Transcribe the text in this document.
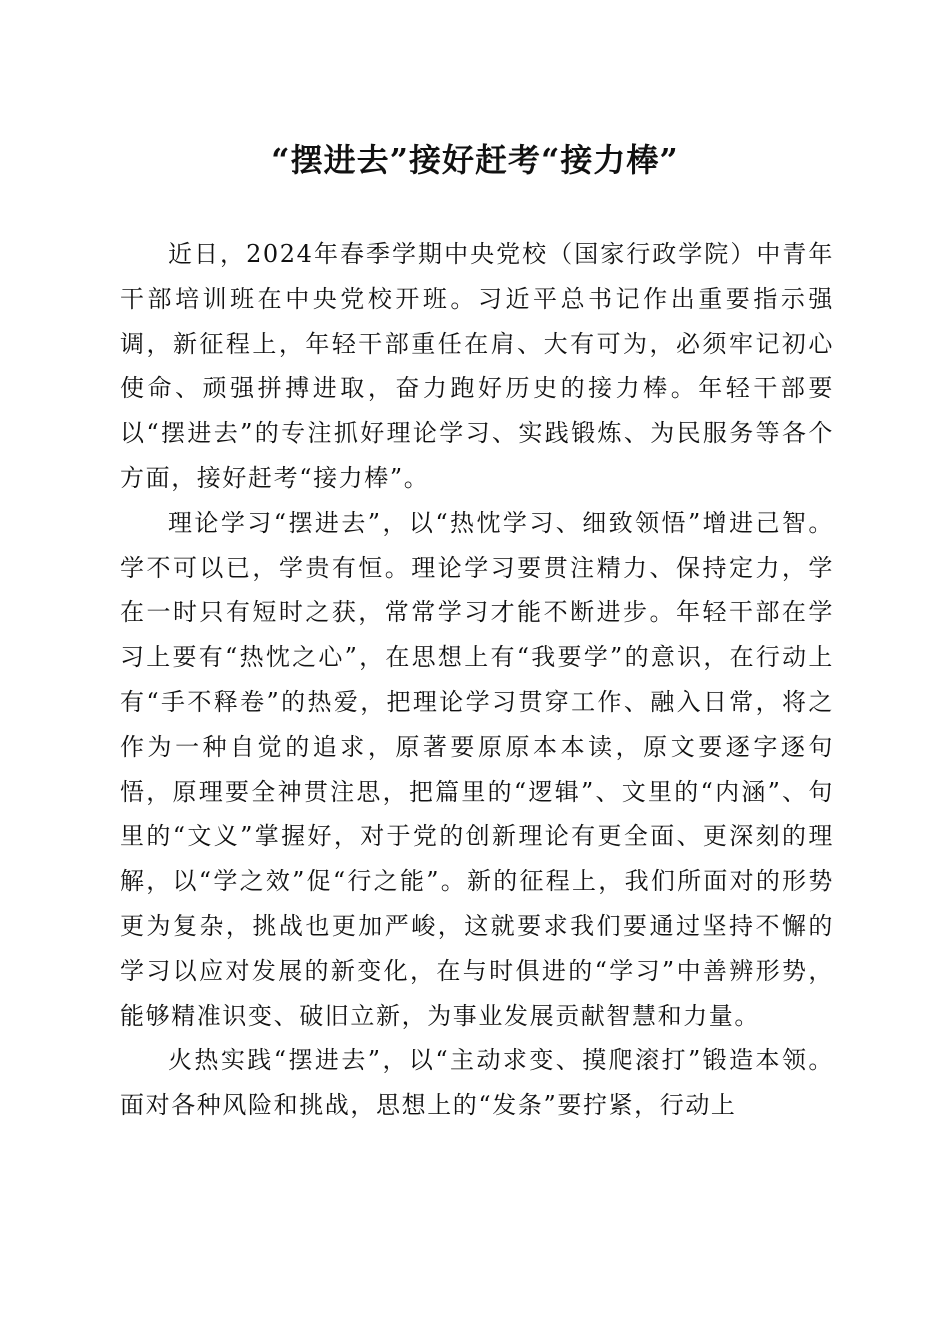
“摆进去”接好赶考“接力棒”

近日，2024年春季学期中央党校（国家行政学院）中青年干部培训班在中央党校开班。习近平总书记作出重要指示强调，新征程上，年轻干部重任在肩、大有可为，必须牢记初心使命、顽强拼搏进取，奋力跑好历史的接力棒。年轻干部要以“摆进去”的专注抓好理论学习、实践锻炼、为民服务等各个方面，接好赶考“接力棒”。

理论学习“摆进去”，以“热忱学习、细致领悟”增进己智。学不可以已，学贵有恒。理论学习要贯注精力、保持定力，学在一时只有短时之获，常常学习才能不断进步。年轻干部在学习上要有“热忱之心”，在思想上有“我要学”的意识，在行动上有“手不释卷”的热爱，把理论学习贯穿工作、融入日常，将之作为一种自觉的追求，原著要原原本本读，原文要逐字逐句悟，原理要全神贯注思，把篇里的“逻辑”、文里的“内涵”、句里的“文义”掌握好，对于党的创新理论有更全面、更深刻的理解，以“学之效”促“行之能”。新的征程上，我们所面对的形势更为复杂，挑战也更加严峻，这就要求我们要通过坚持不懈的学习以应对发展的新变化，在与时俱进的“学习”中善辨形势，能够精准识变、破旧立新，为事业发展贡献智慧和力量。

火热实践“摆进去”，以“主动求变、摸爬滚打”锻造本领。面对各种风险和挑战，思想上的“发条”要拧紧，行动上
